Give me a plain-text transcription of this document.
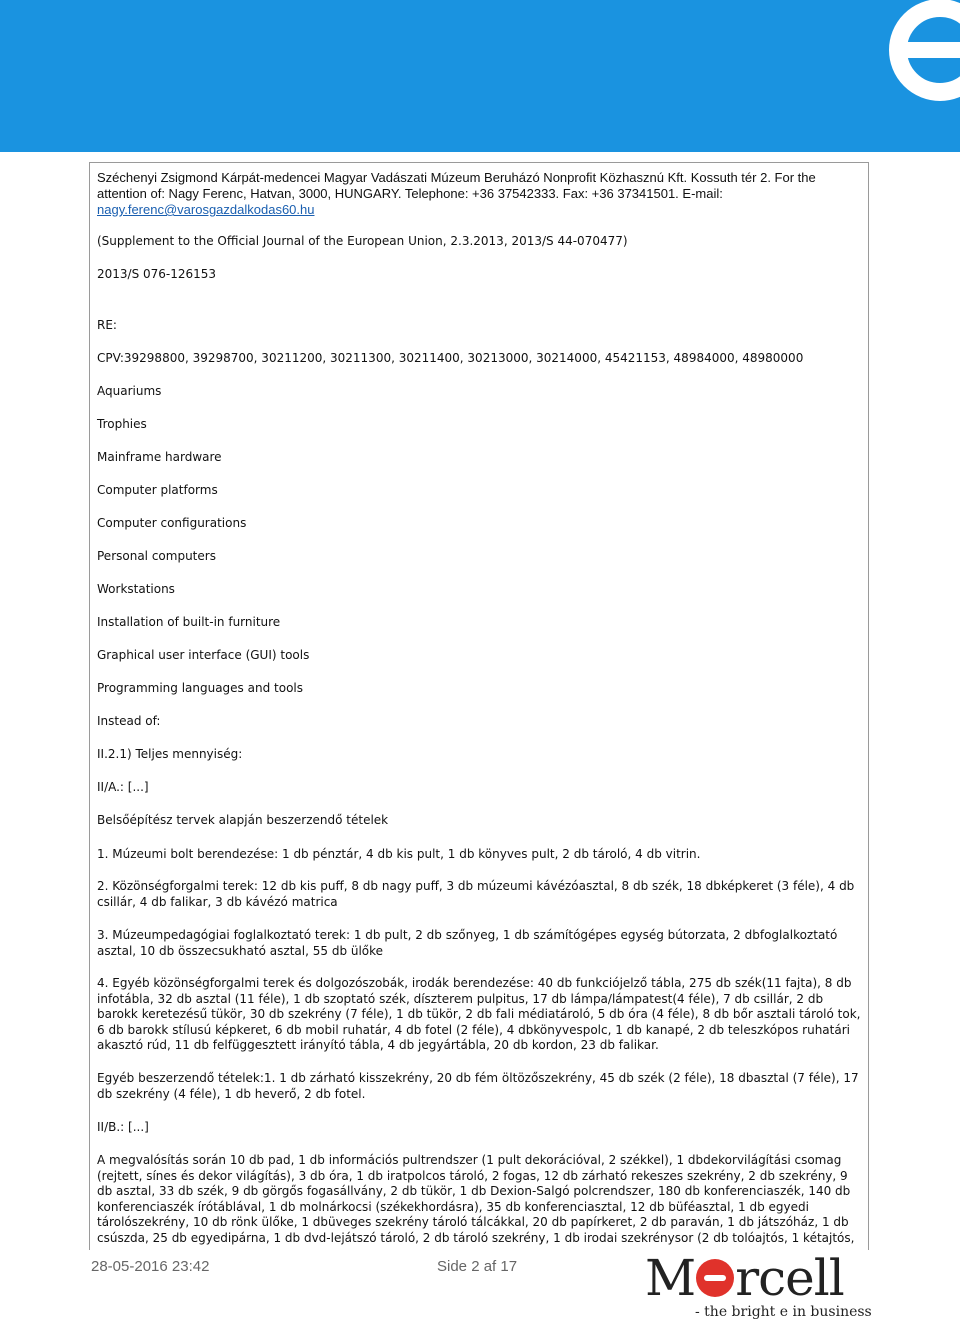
Széchenyi Zsigmond Kárpát-medencei Magyar Vadászati Múzeum Beruházó Nonprofit Közhasznú Kft. Kossuth tér 2. For the attention of: Nagy Ferenc, Hatvan, 3000, HUNGARY. Telephone: +36 37542333. Fax: +36 37341501. E-mail: nagy.ferenc@varosgazdalkodas60.hu

(Supplement to the Official Journal of the European Union, 2.3.2013, 2013/S 44-070477)

2013/S 076-126153

RE:

CPV:39298800, 39298700, 30211200, 30211300, 30211400, 30213000, 30214000, 45421153, 48984000, 48980000

Aquariums

Trophies

Mainframe hardware

Computer platforms

Computer configurations

Personal computers

Workstations

Installation of built-in furniture

Graphical user interface (GUI) tools

Programming languages and tools

Instead of:

II.2.1) Teljes mennyiség:

II/A.: [...]

Belsőépítész tervek alapján beszerzendő tételek

1. Múzeumi bolt berendezése: 1 db pénztár, 4 db kis pult, 1 db könyves pult, 2 db tároló, 4 db vitrin.

2. Közönségforgalmi terek: 12 db kis puff, 8 db nagy puff, 3 db múzeumi kávézóasztal, 8 db szék, 18 dbképkeret (3 féle), 4 db csillár, 4 db falikar, 3 db kávézó matrica

3. Múzeumpedagógiai foglalkoztató terek: 1 db pult, 2 db szőnyeg, 1 db számítógépes egység bútorzata, 2 dbfoglalkoztató asztal, 10 db összecsukható asztal, 55 db ülőke

4. Egyéb közönségforgalmi terek és dolgozószobák, irodák berendezése: 40 db funkciójelző tábla, 275 db szék(11 fajta), 8 db infotábla, 32 db asztal (11 féle), 1 db szoptató szék, díszterem pulpitus, 17 db lámpa/lámpatest(4 féle), 7 db csillár, 2 db barokk keretezésű tükör, 30 db szekrény (7 féle), 1 db tükör, 2 db fali médiatároló, 5 db óra (4 féle), 8 db bőr asztali tároló tok, 6 db barokk stílusú képkeret, 6 db mobil ruhatár, 4 db fotel (2 féle), 4 dbkönyvespolc, 1 db kanapé, 2 db teleszkópos ruhatári akasztó rúd, 11 db felfüggesztett irányító tábla, 4 db jegyártábla, 20 db kordon, 23 db falikar.

Egyéb beszerzendő tételek:1. 1 db zárható kisszekrény, 20 db fém öltözőszekrény, 45 db szék (2 féle), 18 dbasztal (7 féle), 17 db szekrény (4 féle), 1 db heverő, 2 db fotel.

II/B.: [...]

A megvalósítás során 10 db pad, 1 db információs pultrendszer (1 pult dekorációval, 2 székkel), 1 dbdekorvilágítási csomag (rejtett, sínes és dekor világítás), 3 db óra, 1 db iratpolcos tároló, 2 fogas, 12 db zárható rekeszes szekrény, 2 db szekrény, 9 db asztal, 33 db szék, 9 db görgős fogasállvány, 2 db tükör, 1 db Dexion-Salgó polcrendszer, 180 db konferenciaszék, 140 db konferenciaszék írótáblával, 1 db molnárkocsi (székekhordásra), 35 db konferenciasztal, 12 db büféasztal, 1 db egyedi tárolószekrény, 10 db rönk ülőke, 1 dbüveges szekrény tároló tálcákkal, 20 db papírkeret, 2 db paraván, 1 db játszóház, 1 db csúszda, 25 db egyedipárna, 1 db dvd-lejátszó tároló, 2 db tároló szekrény, 1 db irodai szekrénysor (2 db tolóajtós, 1 kétajtós,

28-05-2016 23:42	Side 2 af 17	M rcell
- the bright e in business
